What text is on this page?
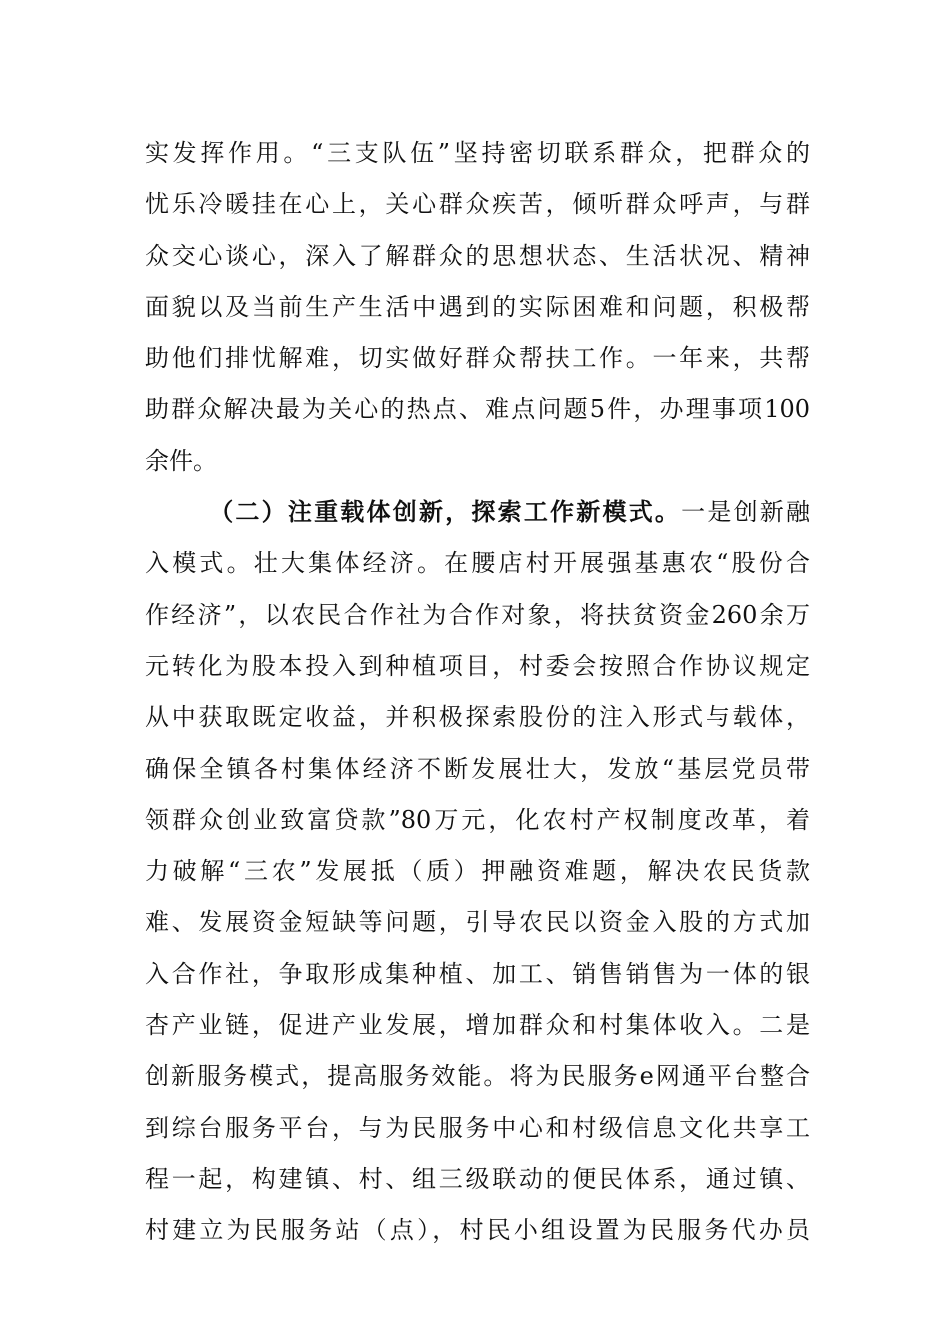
实发挥作用。“三支队伍”坚持密切联系群众，把群众的
忧乐冷暖挂在心上，关心群众疾苦，倾听群众呼声，与群
众交心谈心，深入了解群众的思想状态、生活状况、精神
面貌以及当前生产生活中遇到的实际困难和问题，积极帮
助他们排忧解难，切实做好群众帮扶工作。一年来，共帮
助群众解决最为关心的热点、难点问题5件，办理事项100
余件。
（二）注重载体创新，探索工作新模式。一是创新融
入模式。壮大集体经济。在腰店村开展强基惠农“股份合
作经济”，以农民合作社为合作对象，将扶贫资金260余万
元转化为股本投入到种植项目，村委会按照合作协议规定
从中获取既定收益，并积极探索股份的注入形式与载体，
确保全镇各村集体经济不断发展壮大，发放“基层党员带
领群众创业致富贷款”80万元，化农村产权制度改革，着
力破解“三农”发展抵（质）押融资难题，解决农民货款
难、发展资金短缺等问题，引导农民以资金入股的方式加
入合作社，争取形成集种植、加工、销售销售为一体的银
杏产业链，促进产业发展，增加群众和村集体收入。二是
创新服务模式，提高服务效能。将为民服务e网通平台整合
到综台服务平台，与为民服务中心和村级信息文化共享工
程一起，构建镇、村、组三级联动的便民体系，通过镇、
村建立为民服务站（点），村民小组设置为民服务代办员
